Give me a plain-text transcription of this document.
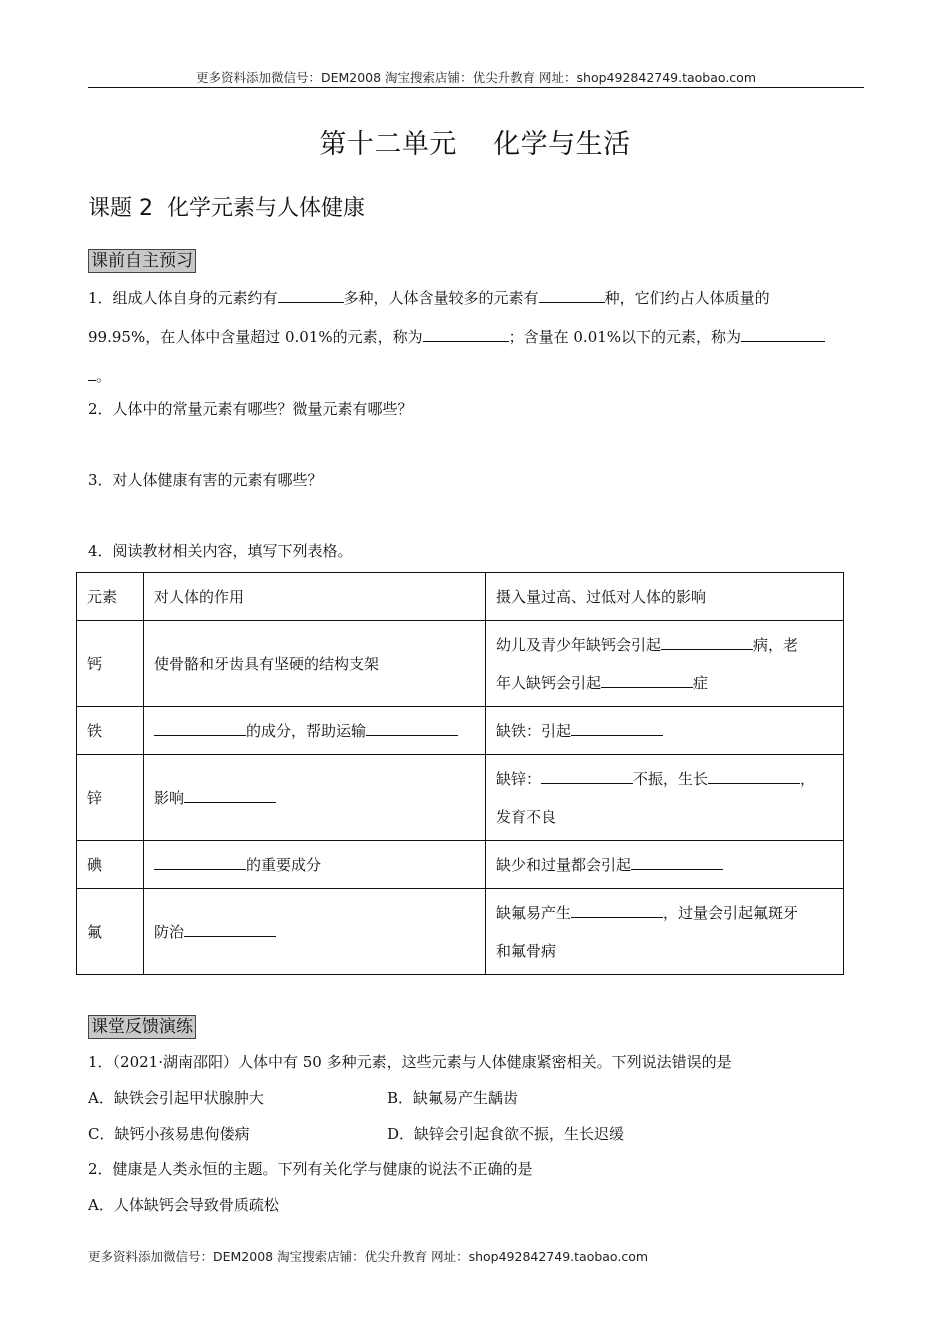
更多资料添加微信号：DEM2008 淘宝搜索店铺：优尖升教育 网址：shop492842749.taobao.com
第十二单元    化学与生活
课题 2  化学元素与人体健康
课前自主预习
1．组成人体自身的元素约有	多种，人体含量较多的元素有	种，它们约占人体质量的
99.95%，在人体中含量超过 0.01%的元素，称为	；含量在 0.01%以下的元素，称为
。
2．人体中的常量元素有哪些？微量元素有哪些？
3．对人体健康有害的元素有哪些？
4．阅读教材相关内容，填写下列表格。
元素	对人体的作用	摄入量过高、过低对人体的影响
钙	使骨骼和牙齿具有坚硬的结构支架	幼儿及青少年缺钙会引起 病，老
年人缺钙会引起 症
铁	的成分，帮助运输	缺铁：引起
锌	影响	缺锌： 不振，生长 ，
发育不良
碘	的重要成分	缺少和过量都会引起
氟	防治	缺氟易产生 ，过量会引起氟斑牙
和氟骨病
课堂反馈演练
1．（2021·湖南邵阳）人体中有 50 多种元素，这些元素与人体健康紧密相关。下列说法错误的是
A．缺铁会引起甲状腺肿大	B．缺氟易产生龋齿
C．缺钙小孩易患佝偻病	D．缺锌会引起食欲不振，生长迟缓
2．健康是人类永恒的主题。下列有关化学与健康的说法不正确的是
A．人体缺钙会导致骨质疏松
更多资料添加微信号：DEM2008 淘宝搜索店铺：优尖升教育 网址：shop492842749.taobao.com
